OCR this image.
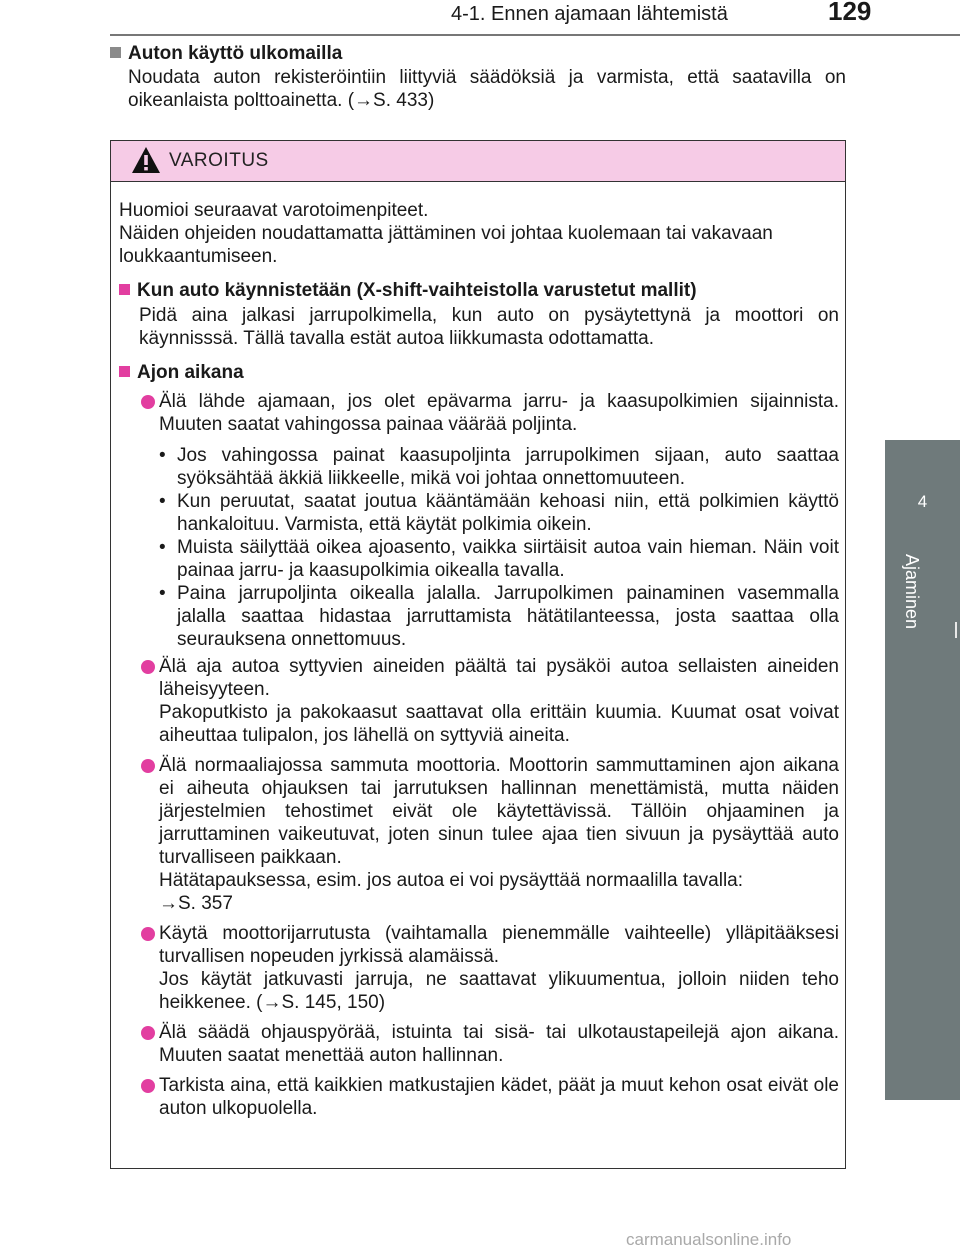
4-1. Ennen ajamaan lähtemistä	129
4
Ajaminen
Auton käyttö ulkomailla
Noudata auton rekisteröintiin liittyviä säädöksiä ja varmista, että saatavilla on oikeanlaista polttoainetta. (→S. 433)
VAROITUS

Huomioi seuraavat varotoimenpiteet.

Näiden ohjeiden noudattamatta jättäminen voi johtaa kuolemaan tai vakavaan loukkaantumiseen.

Kun auto käynnistetään (X-shift-vaihteistolla varustetut mallit)
Pidä aina jalkasi jarrupolkimella, kun auto on pysäytettynä ja moottori on käynnisssä. Tällä tavalla estät autoa liikkumasta odottamatta.
Ajon aikana
Älä lähde ajamaan, jos olet epävarma jarru- ja kaasupolkimien sijainnista. Muuten saatat vahingossa painaa väärää poljinta.
• Jos vahingossa painat kaasupoljinta jarrupolkimen sijaan, auto saattaa syöksähtää äkkiä liikkeelle, mikä voi johtaa onnettomuuteen.
• Kun peruutat, saatat joutua kääntämään kehoasi niin, että polkimien käyttö hankaloituu. Varmista, että käytät polkimia oikein.
• Muista säilyttää oikea ajoasento, vaikka siirtäisit autoa vain hieman. Näin voit painaa jarru- ja kaasupolkimia oikealla tavalla.
• Paina jarrupoljinta oikealla jalalla. Jarrupolkimen painaminen vasemmalla jalalla saattaa hidastaa jarruttamista hätätilanteessa, josta saattaa olla seurauksena onnettomuus.
Älä aja autoa syttyvien aineiden päältä tai pysäköi autoa sellaisten aineiden läheisyyteen.
Pakoputkisto ja pakokaasut saattavat olla erittäin kuumia. Kuumat osat voivat aiheuttaa tulipalon, jos lähellä on syttyviä aineita.
Älä normaaliajossa sammuta moottoria. Moottorin sammuttaminen ajon aikana ei aiheuta ohjauksen tai jarrutuksen hallinnan menettämistä, mutta näiden järjestelmien tehostimet eivät ole käytettävissä. Tällöin ohjaaminen ja jarruttaminen vaikeutuvat, joten sinun tulee ajaa tien sivuun ja pysäyttää auto turvalliseen paikkaan.
Hätätapauksessa, esim. jos autoa ei voi pysäyttää normaalilla tavalla:
→S. 357
Käytä moottorijarrutusta (vaihtamalla pienemmälle vaihteelle) ylläpitääksesi turvallisen nopeuden jyrkissä alamäissä.
Jos käytät jatkuvasti jarruja, ne saattavat ylikuumentua, jolloin niiden teho heikkenee. (→S. 145, 150)
Älä säädä ohjauspyörää, istuinta tai sisä- tai ulkotaustapeilejä ajon aikana. Muuten saatat menettää auton hallinnan.
Tarkista aina, että kaikkien matkustajien kädet, päät ja muut kehon osat eivät ole auton ulkopuolella.
carmanualsonline.info
